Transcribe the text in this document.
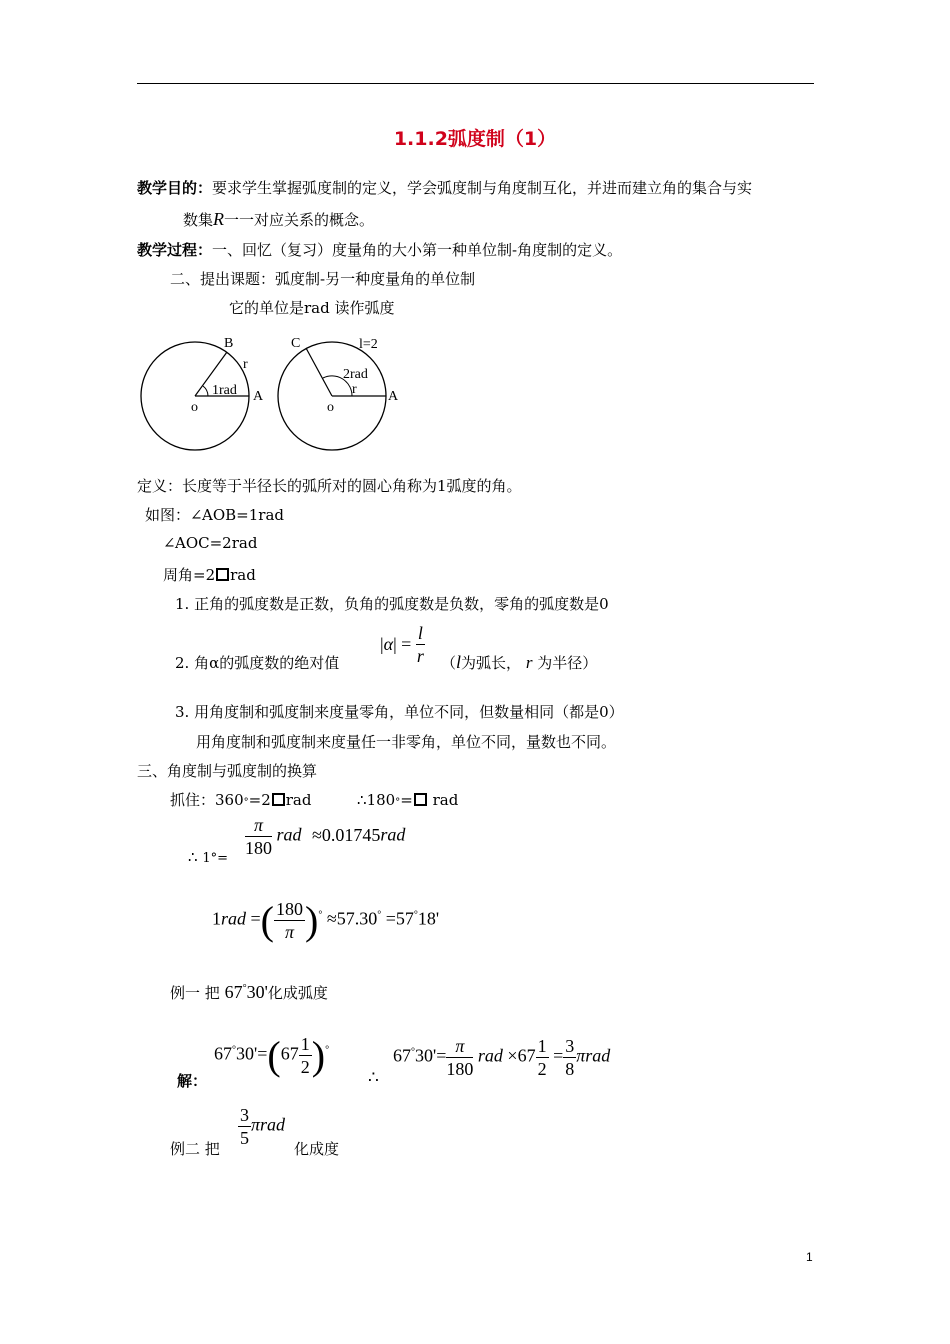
1.1.2弧度制（1）
教学目的：要求学生掌握弧度制的定义，学会弧度制与角度制互化，并进而建立角的集合与实
数集R一一对应关系的概念。
教学过程：一、回忆（复习）度量角的大小第一种单位制-角度制的定义。
二、提出课题：弧度制-另一种度量角的单位制
它的单位是rad 读作弧度
B
r
1rad
o
A
C	l=2
2rad
r
o
A
定义：长度等于半径长的弧所对的圆心角称为1弧度的角。
如图：∠AOB=1rad
∠AOC=2rad
周角=2 rad
1. 正角的弧度数是正数，负角的弧度数是负数，零角的弧度数是0
2. 角α的弧度数的绝对值
$|\alpha| = \frac{l}{r} (l$为弧长， r 为半径）
3. 用角度制和弧度制来度量零角，单位不同，但数量相同（都是0）
用角度制和弧度制来度量任一非零角，单位不同，量数也不同。
三、角度制与弧度制的换算
抓住：360°=2 rad	∴180°= rad
∴ $1^\circ= \frac{\pi}{180}$ rad ≈0.01745rad
1rad =( $\frac{180}{\pi} )^\circ \approx 57.30^\circ =57^\circ 18'$
例一 把 67°30'化成弧度
解：
$67^\circ 30'=(67 \frac{1}{2} )^\circ$
∴
$67^\circ 30'= \frac{\pi}{180}$ rad $\times 67 \frac{1}{2} = \frac{3}{8}$ πrad
$\frac{3}{5}$ πrad
例二 把	化成度
1
